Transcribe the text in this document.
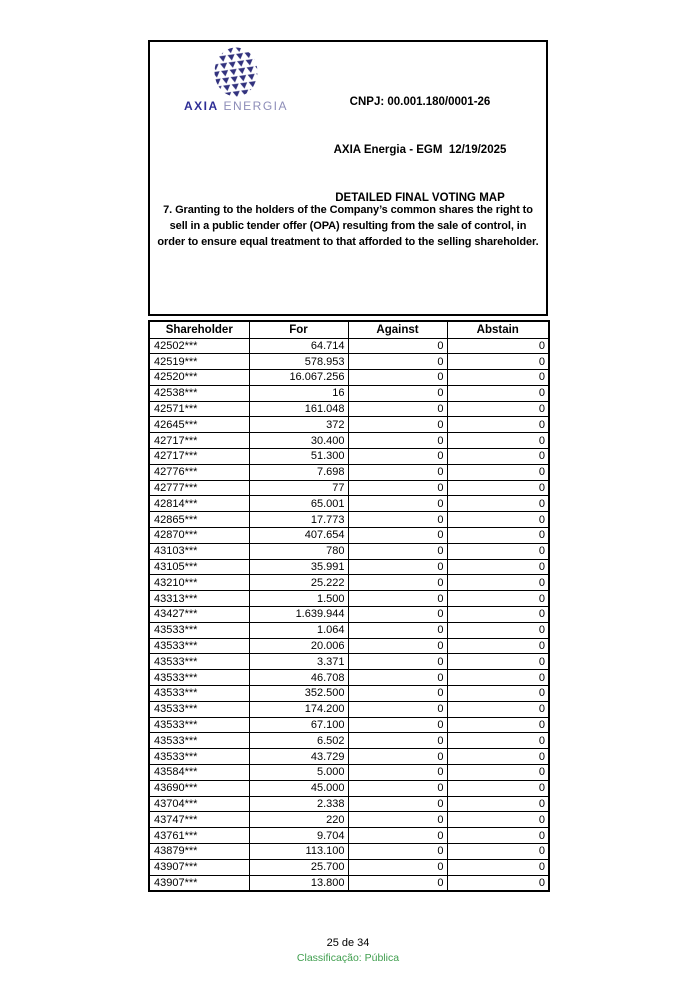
AXIA ENERGIA

	CNPJ: 00.001.180/0001-26

AXIA Energia - EGM  12/19/2025

DETAILED FINAL VOTING MAP

7. Granting to the holders of the Company’s common shares the right to sell in a public tender offer (OPA) resulting from the sale of control, in order to ensure equal treatment to that afforded to the selling shareholder.
Shareholder	For	Against	Abstain
42502***	64.714	0	0
42519***	578.953	0	0
42520***	16.067.256	0	0
42538***	16	0	0
42571***	161.048	0	0
42645***	372	0	0
42717***	30.400	0	0
42717***	51.300	0	0
42776***	7.698	0	0
42777***	77	0	0
42814***	65.001	0	0
42865***	17.773	0	0
42870***	407.654	0	0
43103***	780	0	0
43105***	35.991	0	0
43210***	25.222	0	0
43313***	1.500	0	0
43427***	1.639.944	0	0
43533***	1.064	0	0
43533***	20.006	0	0
43533***	3.371	0	0
43533***	46.708	0	0
43533***	352.500	0	0
43533***	174.200	0	0
43533***	67.100	0	0
43533***	6.502	0	0
43533***	43.729	0	0
43584***	5.000	0	0
43690***	45.000	0	0
43704***	2.338	0	0
43747***	220	0	0
43761***	9.704	0	0
43879***	113.100	0	0
43907***	25.700	0	0
43907***	13.800	0	0
25 de 34
Classificação: Pública
